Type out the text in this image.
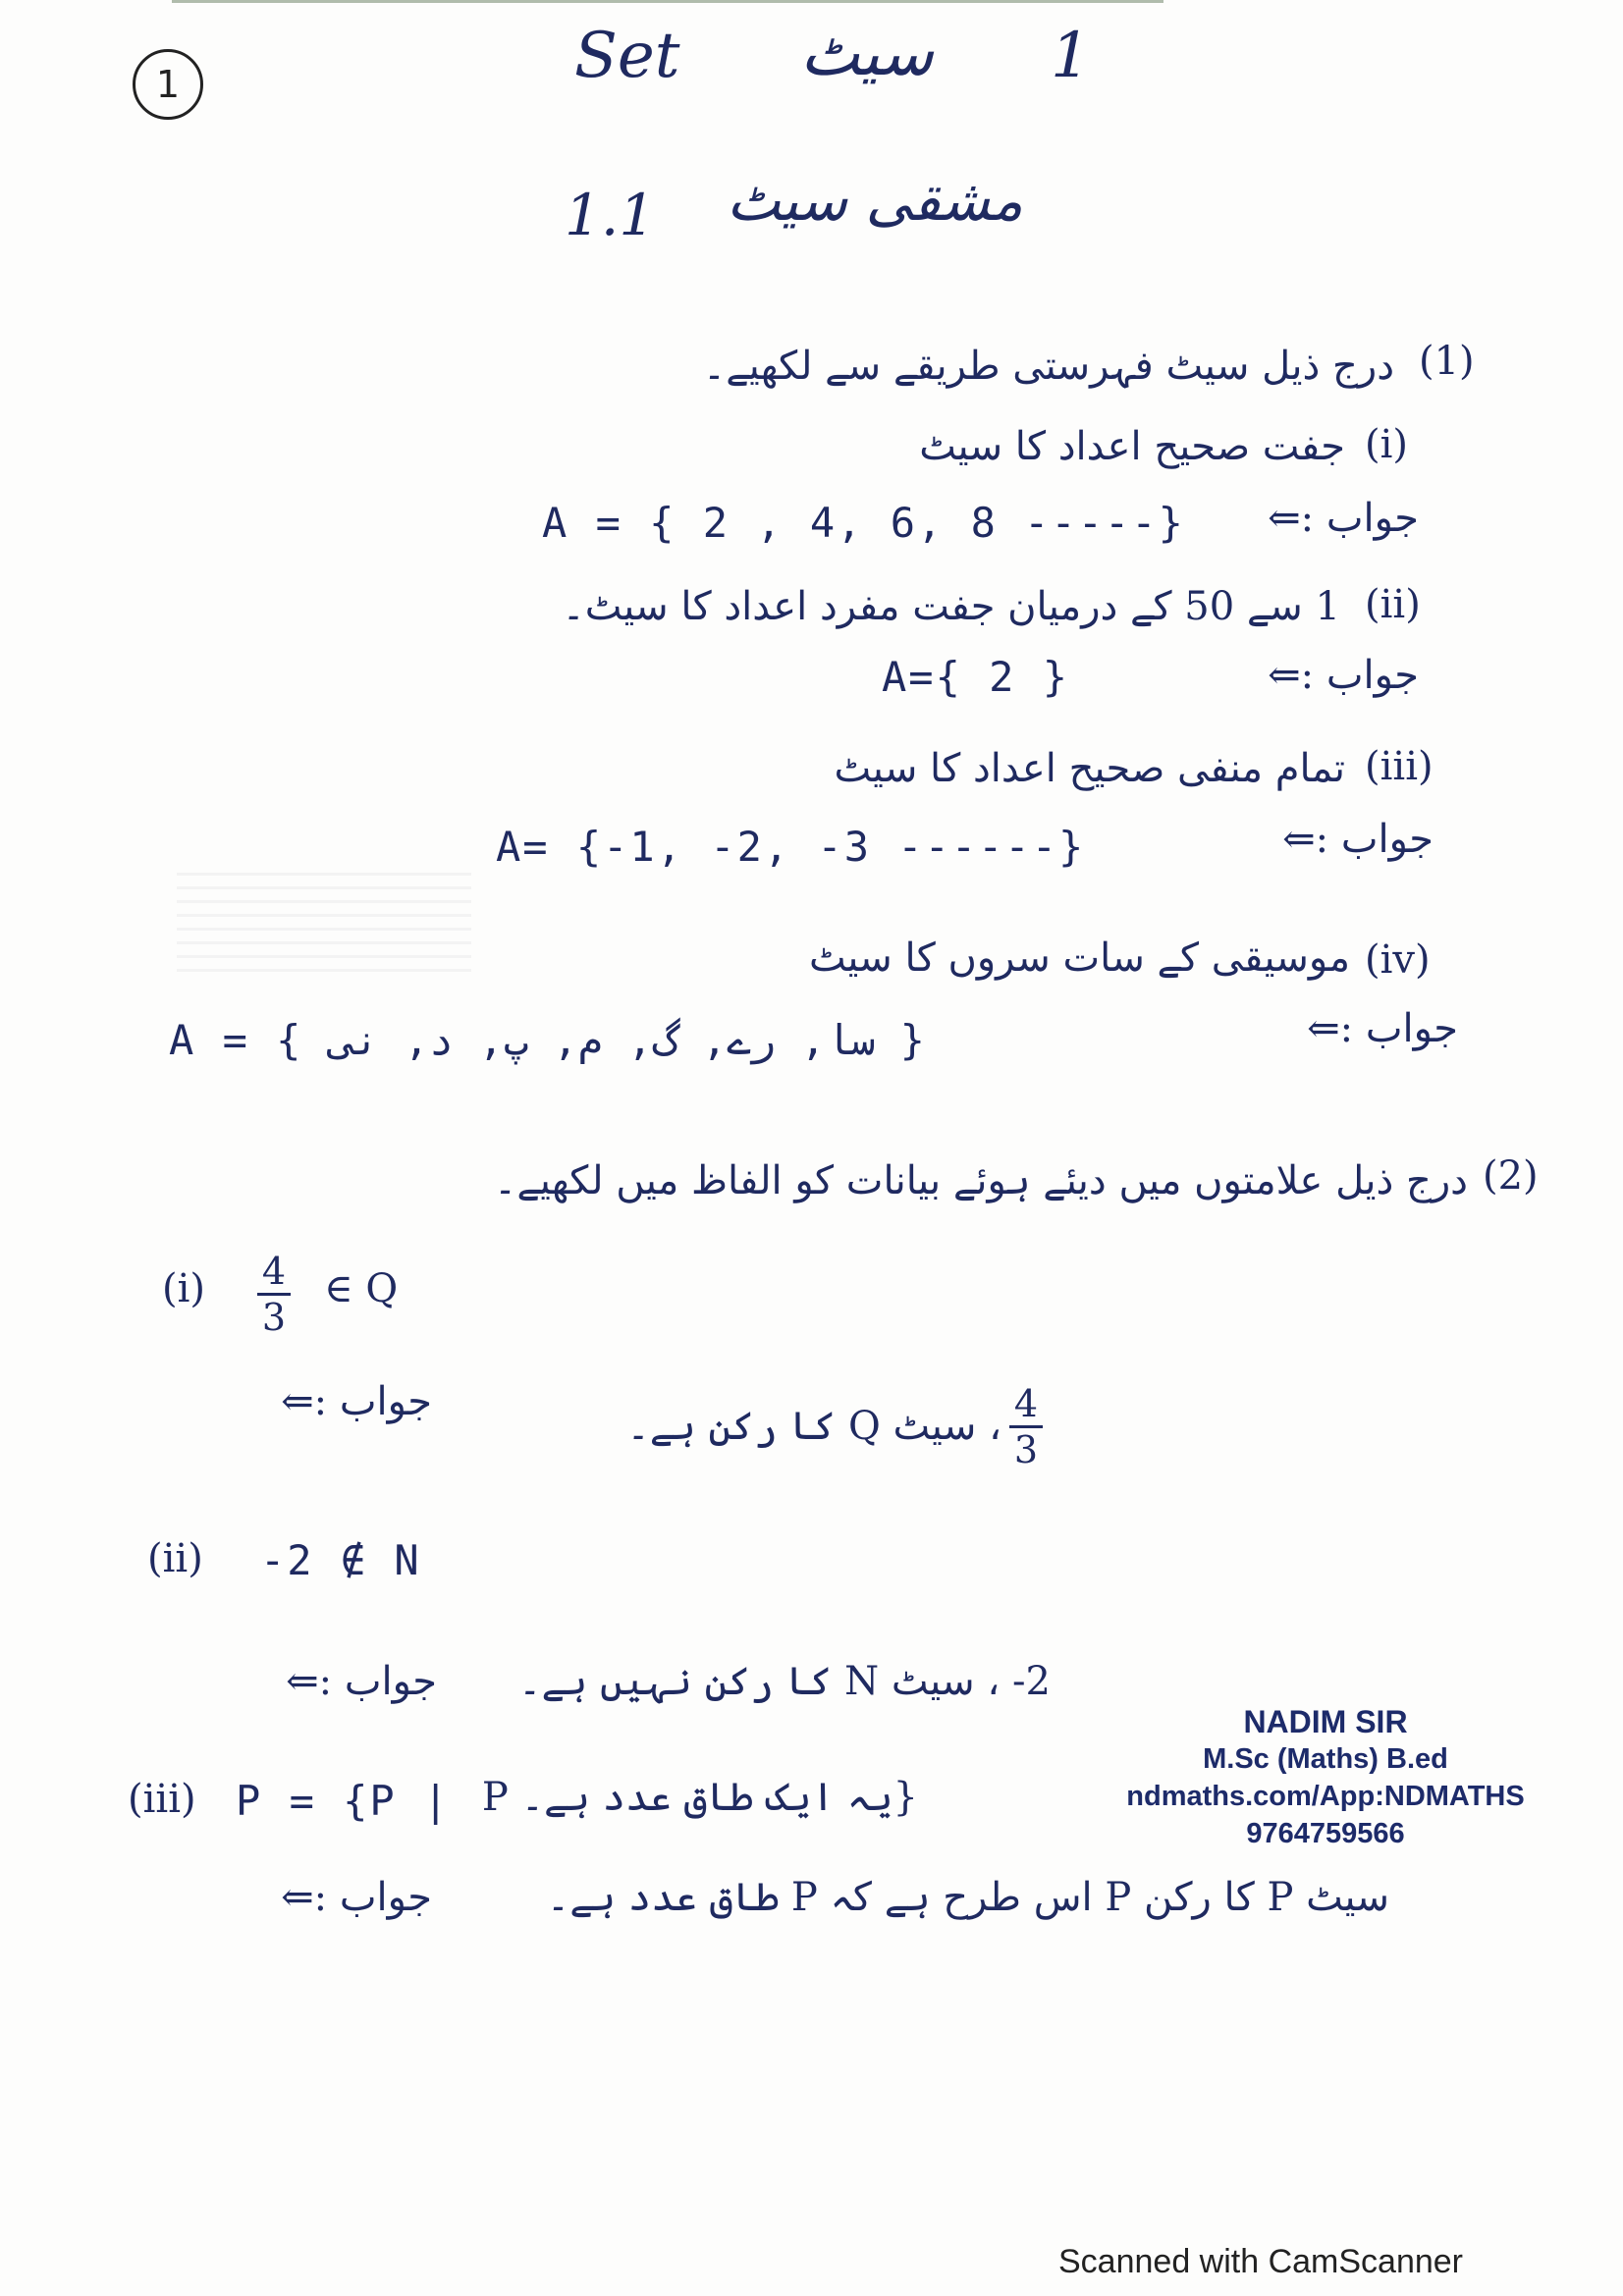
1	Set سیٹ 1
1.1 مشقی سیٹ
(1)
درج ذیل سیٹ فہرستی طریقے سے لکھیے۔
(i)
جفت صحیح اعداد کا سیٹ
جواب :⇐
A = { 2 , 4, 6, 8 -----}
(ii)
1 سے 50 کے درمیان جفت مفرد اعداد کا سیٹ۔
جواب :⇐
A={ 2 }
(iii)
تمام منفی صحیح اعداد کا سیٹ
جواب :⇐
A= {-1, -2, -3 ------}
(iv)
موسیقی کے سات سروں کا سیٹ
جواب :⇐
A = { سا, رے, گ, م, پ, د, نی }
(2)
درج ذیل علامتوں میں دیئے ہوئے بیانات کو الفاظ میں لکھیے۔
(i) 4
3
∈ Q
جواب :⇐	4
3
، سیٹ Q کا رکن ہے۔
(ii) -2 ∉ N
جواب :⇐	2- ، سیٹ N کا رکن نہیں ہے۔
(iii) P = {P | P یہ ایک طاق عدد ہے۔}
جواب :⇐	سیٹ P کا رکن P اس طرح ہے کہ P طاق عدد ہے۔
NADIM SIR
M.Sc (Maths) B.ed
ndmaths.com/App:NDMATHS
9764759566
Scanned with CamScanner
